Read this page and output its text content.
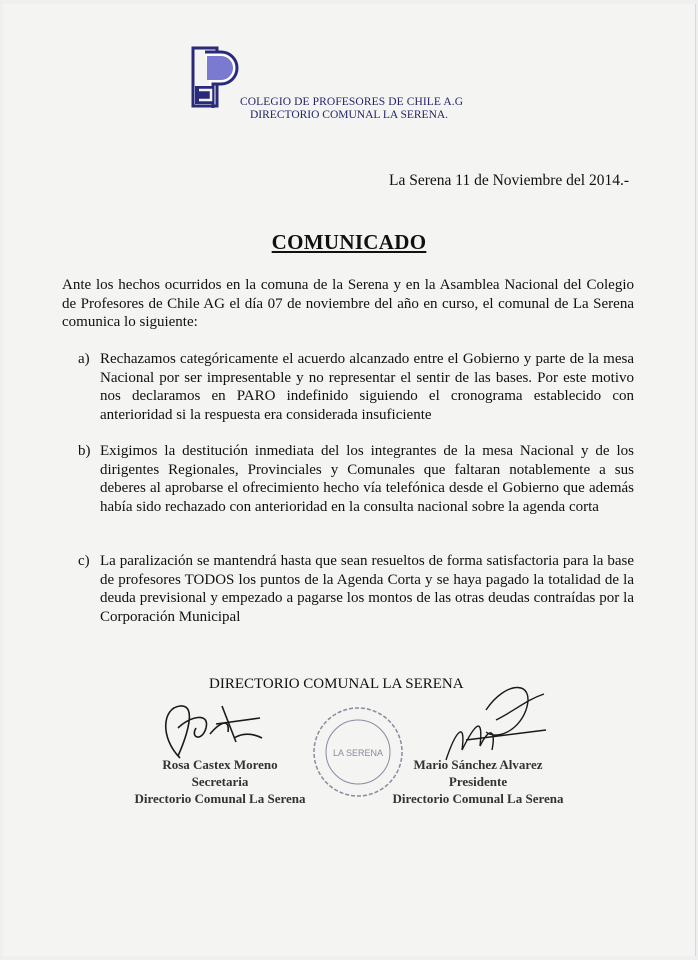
COLEGIO DE PROFESORES DE CHILE A.G
DIRECTORIO COMUNAL LA SERENA.
La Serena 11 de Noviembre del 2014.-
COMUNICADO
Ante los hechos ocurridos en la comuna de la Serena y en la Asamblea Nacional del Colegio de Profesores de Chile AG el día 07 de noviembre del año en curso, el comunal de La Serena comunica lo siguiente:
a) Rechazamos categóricamente el acuerdo alcanzado entre el Gobierno y parte de la mesa Nacional por ser impresentable y no representar el sentir de las bases. Por este motivo nos declaramos en PARO indefinido siguiendo el cronograma establecido con anterioridad si la respuesta era considerada insuficiente
b) Exigimos la destitución inmediata del los integrantes de la mesa Nacional y de los dirigentes Regionales, Provinciales y Comunales que faltaran notablemente a sus deberes al aprobarse el ofrecimiento hecho vía telefónica desde el Gobierno que además había sido rechazado con anterioridad en la consulta nacional sobre la agenda corta
c) La paralización se mantendrá hasta que sean resueltos de forma satisfactoria para la base de profesores TODOS los puntos de la Agenda Corta y se haya pagado la totalidad de la deuda previsional y empezado a pagarse los montos de las otras deudas contraídas por la Corporación Municipal
DIRECTORIO COMUNAL LA SERENA
LA SERENA
Rosa Castex Moreno
Secretaria
Directorio Comunal La Serena
Mario Sánchez Alvarez
Presidente
Directorio Comunal La Serena
